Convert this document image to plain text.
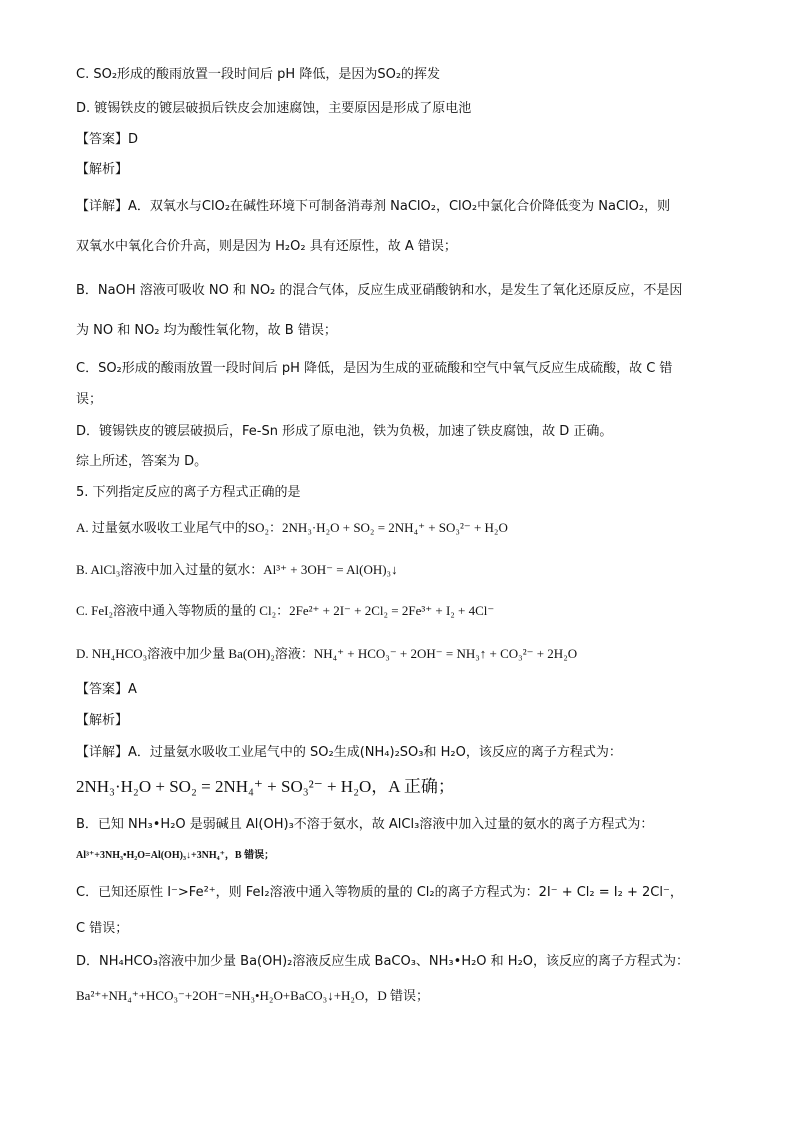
C. SO₂形成的酸雨放置一段时间后 pH 降低，是因为SO₂的挥发
D. 镀锡铁皮的镀层破损后铁皮会加速腐蚀，主要原因是形成了原电池
【答案】D
【解析】
【详解】A．双氧水与ClO₂在碱性环境下可制备消毒剂 NaClO₂，ClO₂中氯化合价降低变为 NaClO₂，则
双氧水中氧化合价升高，则是因为 H₂O₂ 具有还原性，故 A 错误；
B．NaOH 溶液可吸收 NO 和 NO₂ 的混合气体，反应生成亚硝酸钠和水，是发生了氧化还原反应，不是因
为 NO 和 NO₂ 均为酸性氧化物，故 B 错误；
C．SO₂形成的酸雨放置一段时间后 pH 降低，是因为生成的亚硫酸和空气中氧气反应生成硫酸，故 C 错
误；
D．镀锡铁皮的镀层破损后，Fe-Sn 形成了原电池，铁为负极，加速了铁皮腐蚀，故 D 正确。
综上所述，答案为 D。
5. 下列指定反应的离子方程式正确的是
A. 过量氨水吸收工业尾气中的SO₂：2NH₃·H₂O + SO₂ = 2NH₄⁺ + SO₃²⁻ + H₂O
B. AlCl₃溶液中加入过量的氨水：Al³⁺ + 3OH⁻ = Al(OH)₃↓
C. FeI₂溶液中通入等物质的量的 Cl₂：2Fe²⁺ + 2I⁻ + 2Cl₂ = 2Fe³⁺ + I₂ + 4Cl⁻
D. NH₄HCO₃溶液中加少量 Ba(OH)₂溶液：NH₄⁺ + HCO₃⁻ + 2OH⁻ = NH₃↑ + CO₃²⁻ + 2H₂O
【答案】A
【解析】
【详解】A．过量氨水吸收工业尾气中的 SO₂生成(NH₄)₂SO₃和 H₂O，该反应的离子方程式为：
2NH₃·H₂O + SO₂ = 2NH₄⁺ + SO₃²⁻ + H₂O，A 正确；
B．已知 NH₃•H₂O 是弱碱且 Al(OH)₃不溶于氨水，故 AlCl₃溶液中加入过量的氨水的离子方程式为：
Al³⁺+3NH₃•H₂O=Al(OH)₃↓+3NH₄⁺，B 错误；
C．已知还原性 I⁻>Fe²⁺，则 FeI₂溶液中通入等物质的量的 Cl₂的离子方程式为：2I⁻ + Cl₂ = I₂ + 2Cl⁻，
C 错误；
D．NH₄HCO₃溶液中加少量 Ba(OH)₂溶液反应生成 BaCO₃、NH₃•H₂O 和 H₂O，该反应的离子方程式为：
Ba²⁺+NH₄⁺+HCO₃⁻+2OH⁻=NH₃•H₂O+BaCO₃↓+H₂O，D 错误；
